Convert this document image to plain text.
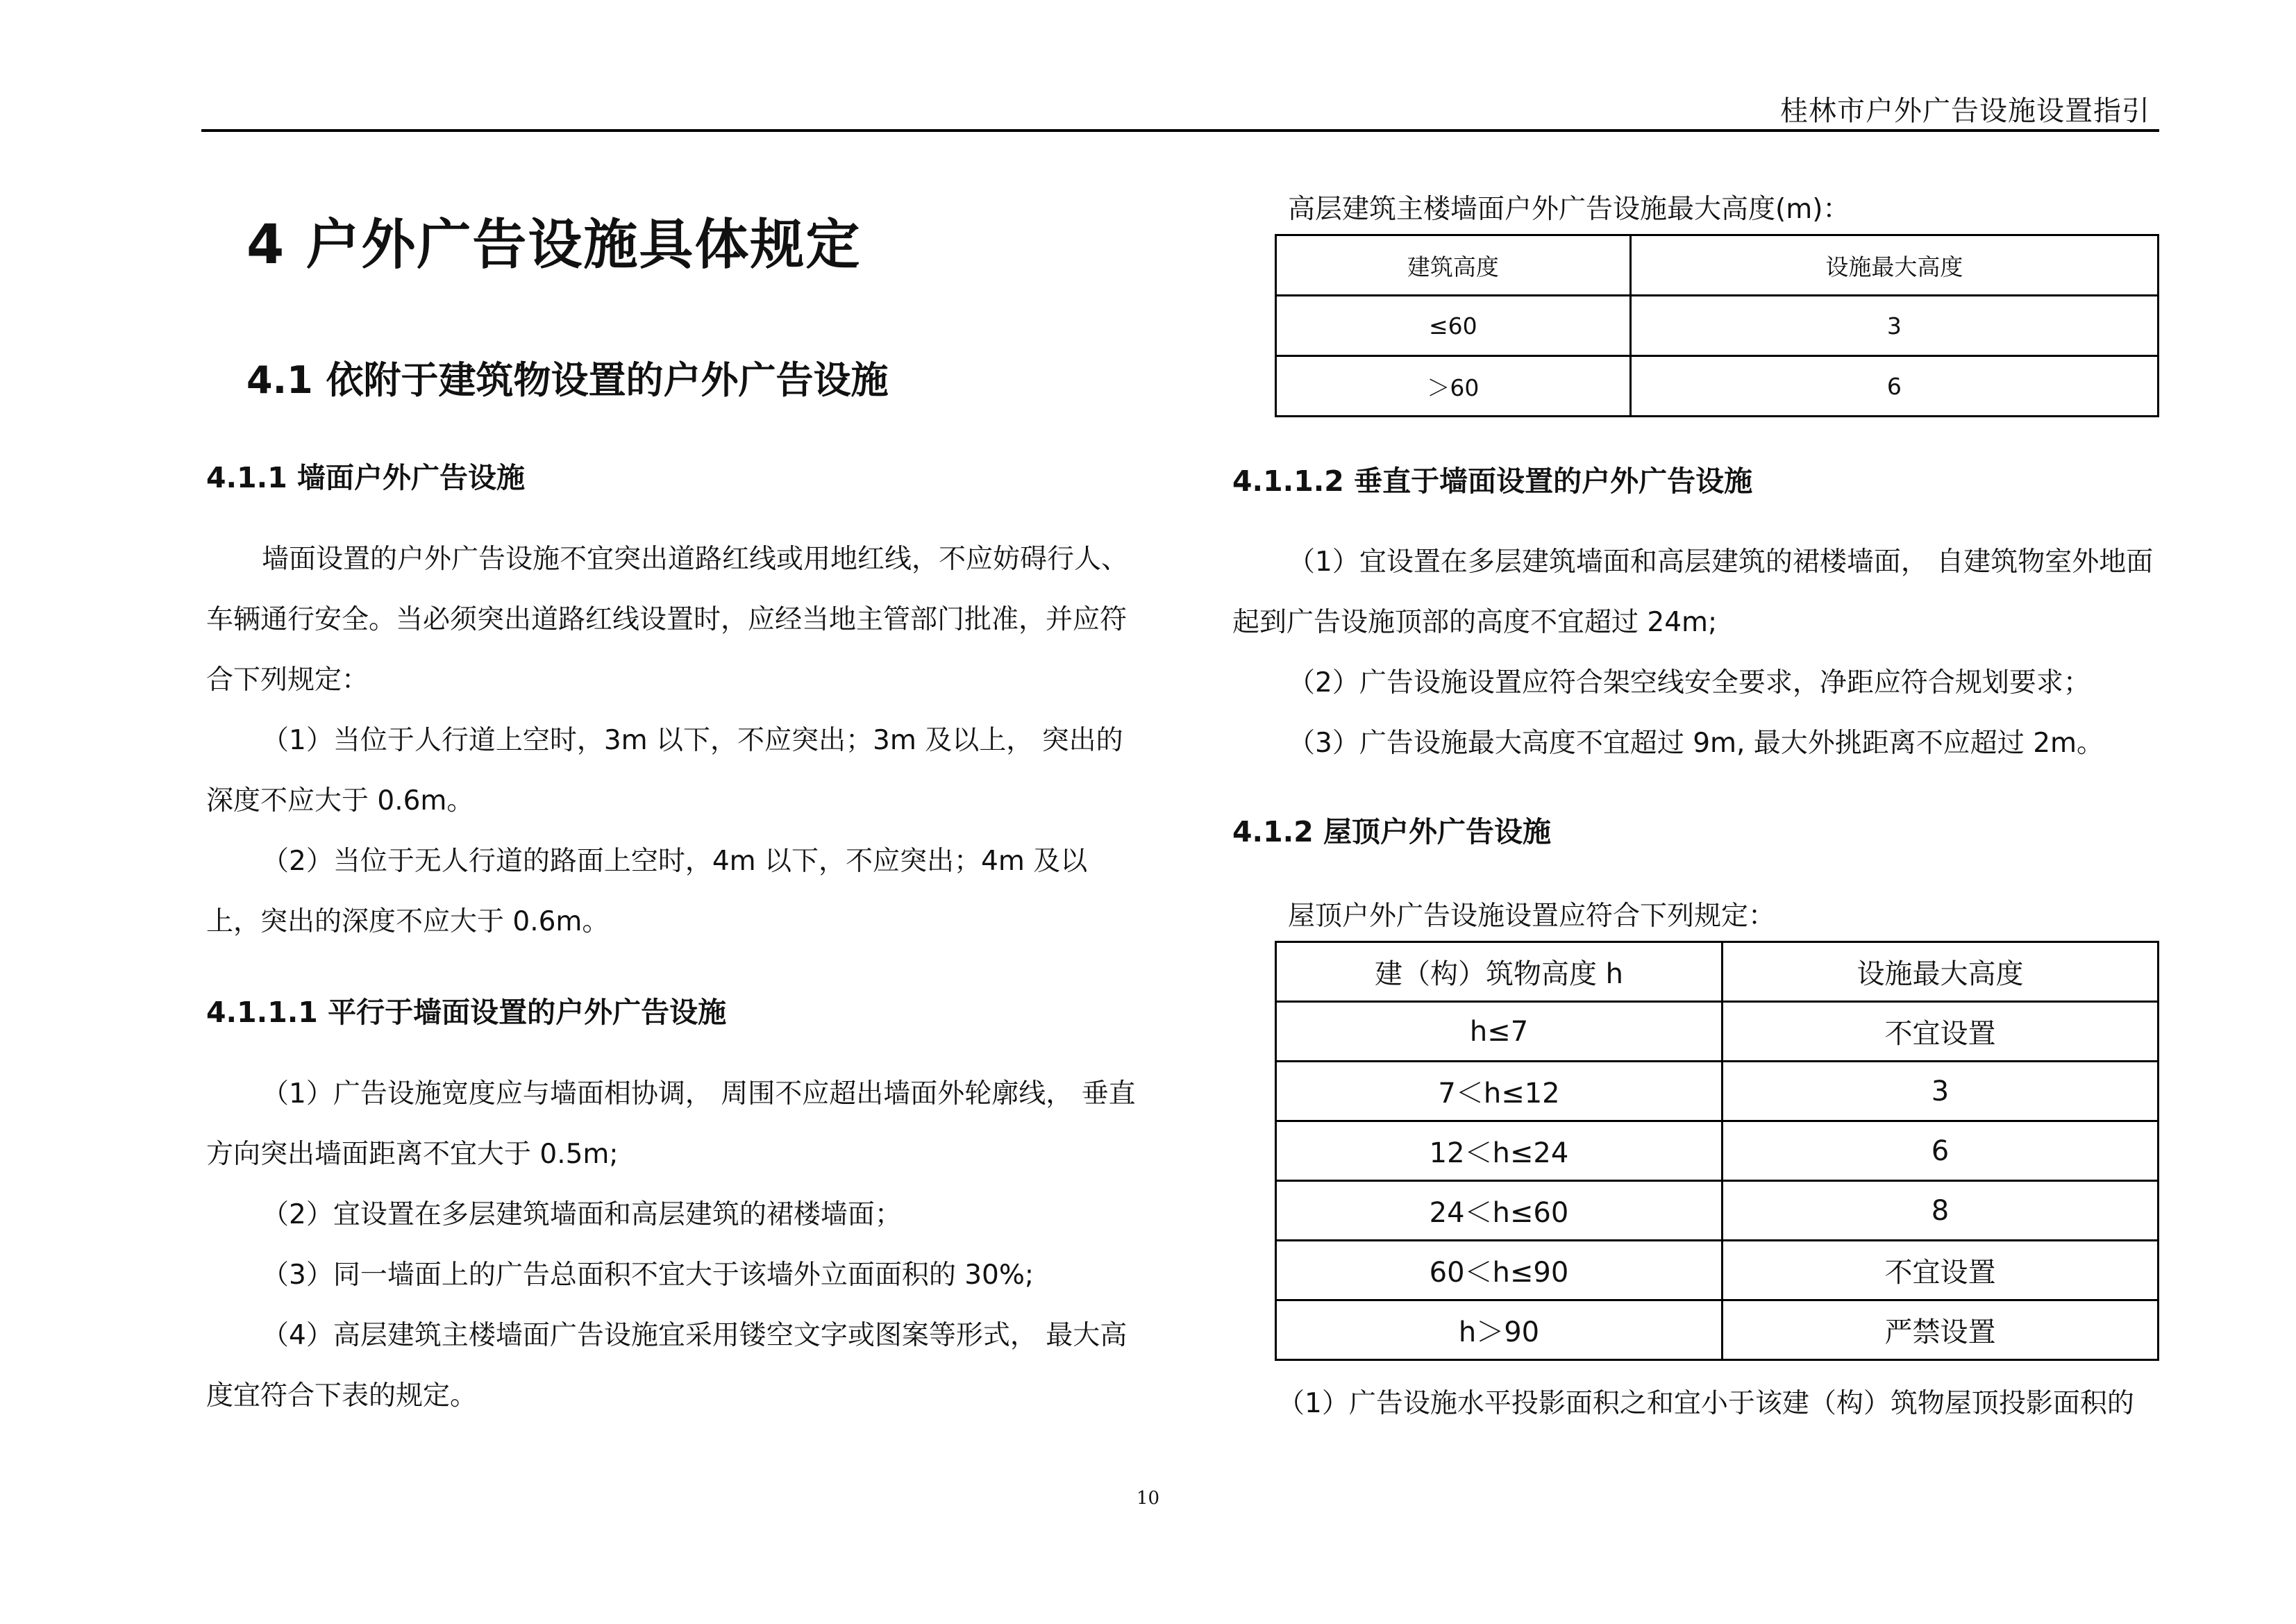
桂林市户外广告设施设置指引
4 户外广告设施具体规定
4.1 依附于建筑物设置的户外广告设施
4.1.1 墙面户外广告设施
墙面设置的户外广告设施不宜突出道路红线或用地红线，不应妨碍行人、车辆通行安全。当必须突出道路红线设置时，应经当地主管部门批准，并应符合下列规定：
（1）当位于人行道上空时，3m 以下，不应突出；3m 及以上， 突出的深度不应大于 0.6m。
（2）当位于无人行道的路面上空时，4m 以下，不应突出；4m 及以上，突出的深度不应大于 0.6m。
4.1.1.1 平行于墙面设置的户外广告设施
（1）广告设施宽度应与墙面相协调， 周围不应超出墙面外轮廓线， 垂直方向突出墙面距离不宜大于 0.5m;
（2）宜设置在多层建筑墙面和高层建筑的裙楼墙面；
（3）同一墙面上的广告总面积不宜大于该墙外立面面积的 30%;
（4）高层建筑主楼墙面广告设施宜采用镂空文字或图案等形式， 最大高度宜符合下表的规定。
高层建筑主楼墙面户外广告设施最大高度(m)：
建筑高度	设施最大高度
≤60	3
＞60	6
4.1.1.2 垂直于墙面设置的户外广告设施
（1）宜设置在多层建筑墙面和高层建筑的裙楼墙面， 自建筑物室外地面起到广告设施顶部的高度不宜超过 24m;
（2）广告设施设置应符合架空线安全要求，净距应符合规划要求；
（3）广告设施最大高度不宜超过 9m, 最大外挑距离不应超过 2m。
4.1.2 屋顶户外广告设施
屋顶户外广告设施设置应符合下列规定：
建（构）筑物高度 h	设施最大高度
h≤7	不宜设置
7＜h≤12	3
12＜h≤24	6
24＜h≤60	8
60＜h≤90	不宜设置
h＞90	严禁设置
（1）广告设施水平投影面积之和宜小于该建（构）筑物屋顶投影面积的
10
